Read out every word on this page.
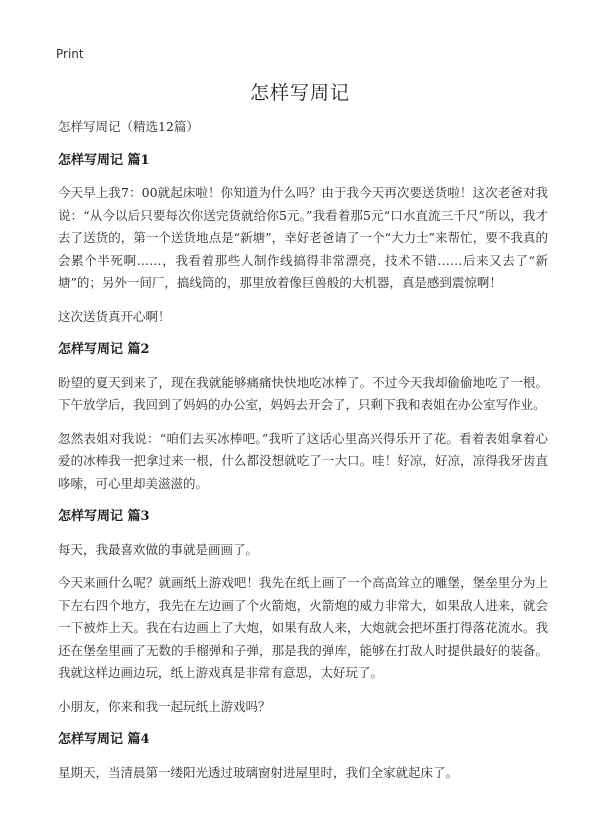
Print
怎样写周记

怎样写周记（精选12篇）

怎样写周记 篇1

今天早上我7：00就起床啦！你知道为什么吗？由于我今天再次要送货啦！这次老爸对我说：“从今以后只要每次你送完货就给你5元。”我看着那5元“口水直流三千尺”所以，我才去了送货的，第一个送货地点是“新塘”，幸好老爸请了一个“大力士”来帮忙，要不我真的会累个半死啊……，我看着那些人制作线搞得非常漂亮，技术不错……后来又去了“新塘”的；另外一间厂，搞线筒的，那里放着像巨兽般的大机器，真是感到震惊啊！

这次送货真开心啊！

怎样写周记 篇2

盼望的夏天到来了，现在我就能够痛痛快快地吃冰棒了。不过今天我却偷偷地吃了一根。下午放学后，我回到了妈妈的办公室，妈妈去开会了，只剩下我和表姐在办公室写作业。

忽然表姐对我说：“咱们去买冰棒吧。”我听了这话心里高兴得乐开了花。看着表姐拿着心爱的冰棒我一把拿过来一根，什么都没想就吃了一大口。哇！好凉，好凉，凉得我牙齿直哆嗦，可心里却美滋滋的。

怎样写周记 篇3

每天，我最喜欢做的事就是画画了。

今天来画什么呢？就画纸上游戏吧！我先在纸上画了一个高高耸立的雕堡，堡垒里分为上下左右四个地方，我先在左边画了个火箭炮，火箭炮的威力非常大，如果敌人进来，就会一下被炸上天。我在右边画上了大炮，如果有敌人来，大炮就会把坏蛋打得落花流水。我还在堡垒里画了无数的手榴弹和子弹，那是我的弹库，能够在打敌人时提供最好的装备。我就这样边画边玩，纸上游戏真是非常有意思，太好玩了。

小朋友，你来和我一起玩纸上游戏吗？

怎样写周记 篇4

星期天，当清晨第一缕阳光透过玻璃窗射进屋里时，我们全家就起床了。
